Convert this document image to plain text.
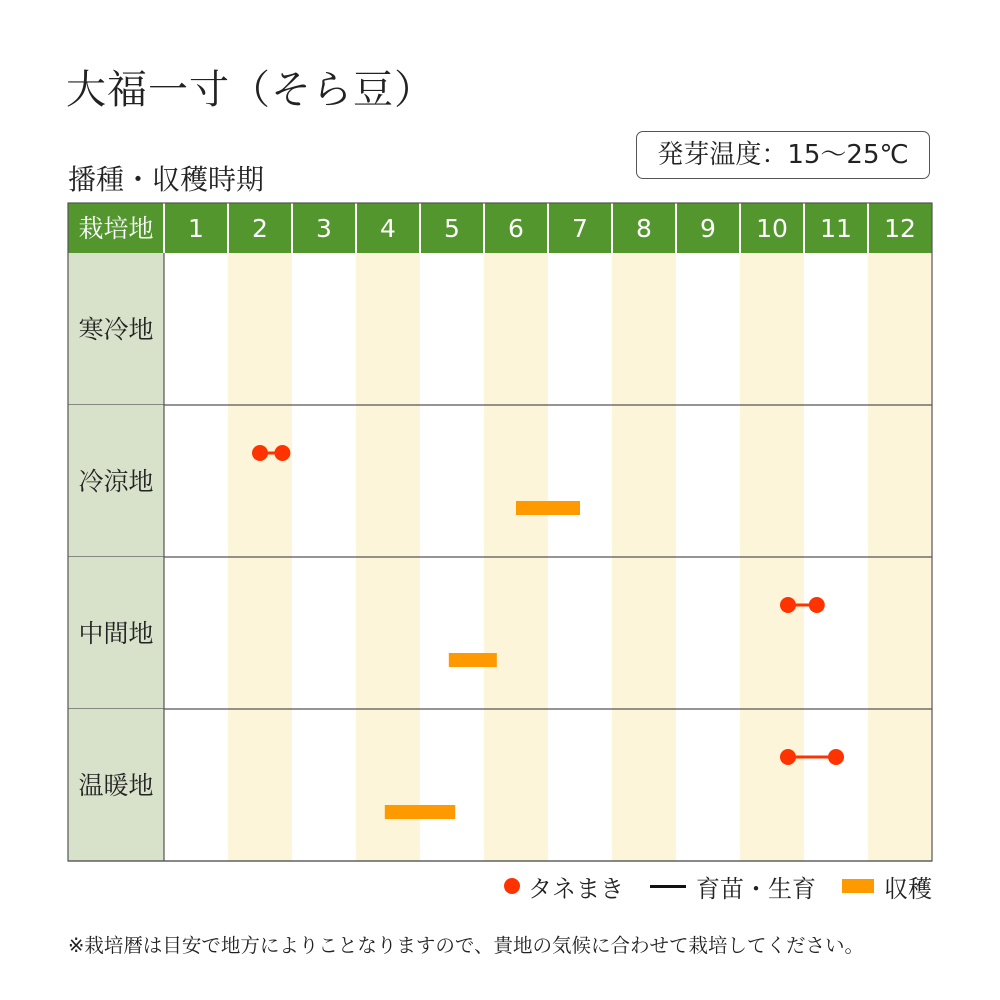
大福一寸（そら豆）
播種・収穫時期
発芽温度：15～25℃
栽培地 1 2 3 4 5 6 7 8 9 10 11 12
寒冷地
冷涼地
中間地
温暖地
タネまき	育苗・生育	収穫
※栽培暦は目安で地方によりことなりますので、貴地の気候に合わせて栽培してください。
